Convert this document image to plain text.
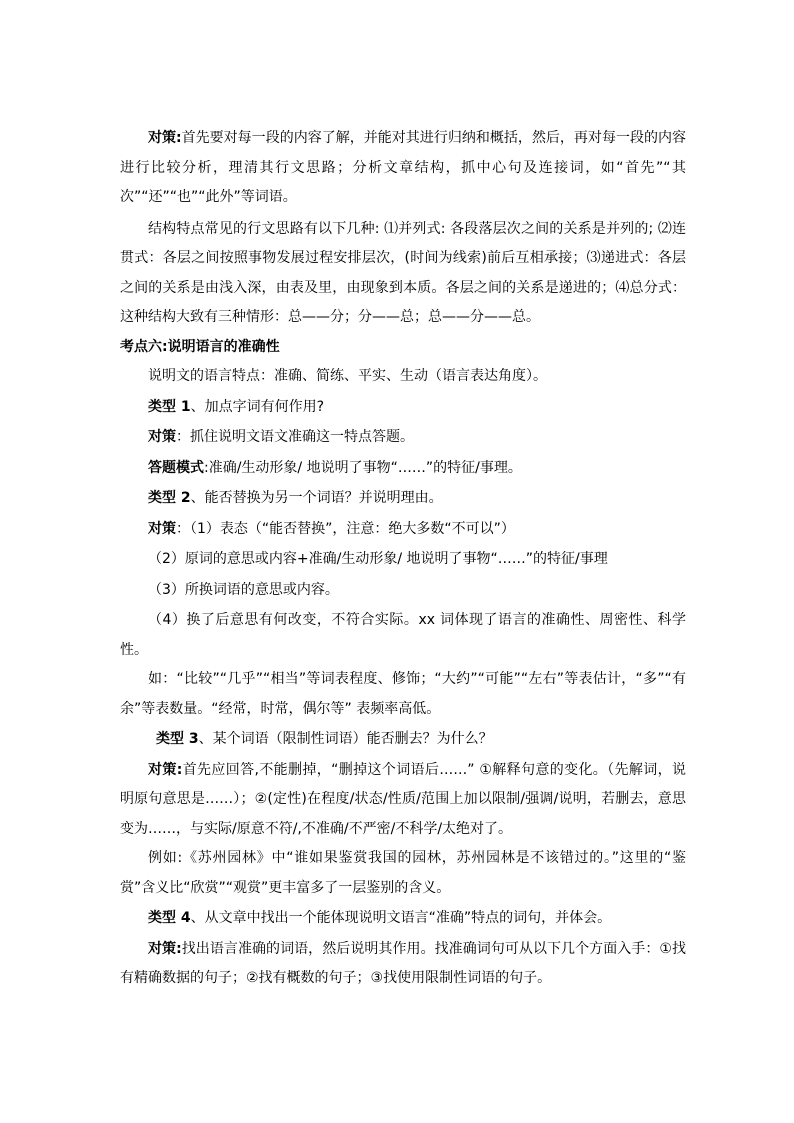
对策:首先要对每一段的内容了解，并能对其进行归纳和概括，然后，再对每一段的内容进行比较分析，理清其行文思路；分析文章结构，抓中心句及连接词，如“首先”“其次”“还”“也”“此外”等词语。

结构特点常见的行文思路有以下几种: ⑴并列式: 各段落层次之间的关系是并列的; ⑵连贯式：各层之间按照事物发展过程安排层次，(时间为线索)前后互相承接；⑶递进式：各层之间的关系是由浅入深，由表及里，由现象到本质。各层之间的关系是递进的；⑷总分式：这种结构大致有三种情形：总——分；分——总；总——分——总。

考点六:说明语言的准确性

说明文的语言特点：准确、简练、平实、生动（语言表达角度）。

类型 1、加点字词有何作用?

对策：抓住说明文语文准确这一特点答题。

答题模式:准确/生动形象/ 地说明了事物“……”的特征/事理。

类型 2、能否替换为另一个词语？并说明理由。

对策：（1）表态（“能否替换”，注意：绝大多数“不可以”）

（2）原词的意思或内容+准确/生动形象/ 地说明了事物“……”的特征/事理

（3）所换词语的意思或内容。

（4）换了后意思有何改变，不符合实际。xx 词体现了语言的准确性、周密性、科学性。

如：“比较”“几乎”“相当”等词表程度、修饰；“大约”“可能”“左右”等表估计，“多”“有余”等表数量。“经常，时常，偶尔等” 表频率高低。

类型 3、某个词语（限制性词语）能否删去？为什么？

对策:首先应回答,不能删掉，“删掉这个词语后……” ①解释句意的变化。（先解词，说明原句意思是……）；②(定性)在程度/状态/性质/范围上加以限制/强调/说明，若删去，意思变为……，与实际/原意不符/,不准确/不严密/不科学/太绝对了。

例如:《苏州园林》中“谁如果鉴赏我国的园林，苏州园林是不该错过的。”这里的“鉴赏”含义比“欣赏”“观赏”更丰富多了一层鉴别的含义。

类型 4、从文章中找出一个能体现说明文语言“准确”特点的词句，并体会。

对策:找出语言准确的词语，然后说明其作用。找准确词句可从以下几个方面入手：①找有精确数据的句子；②找有概数的句子；③找使用限制性词语的句子。
